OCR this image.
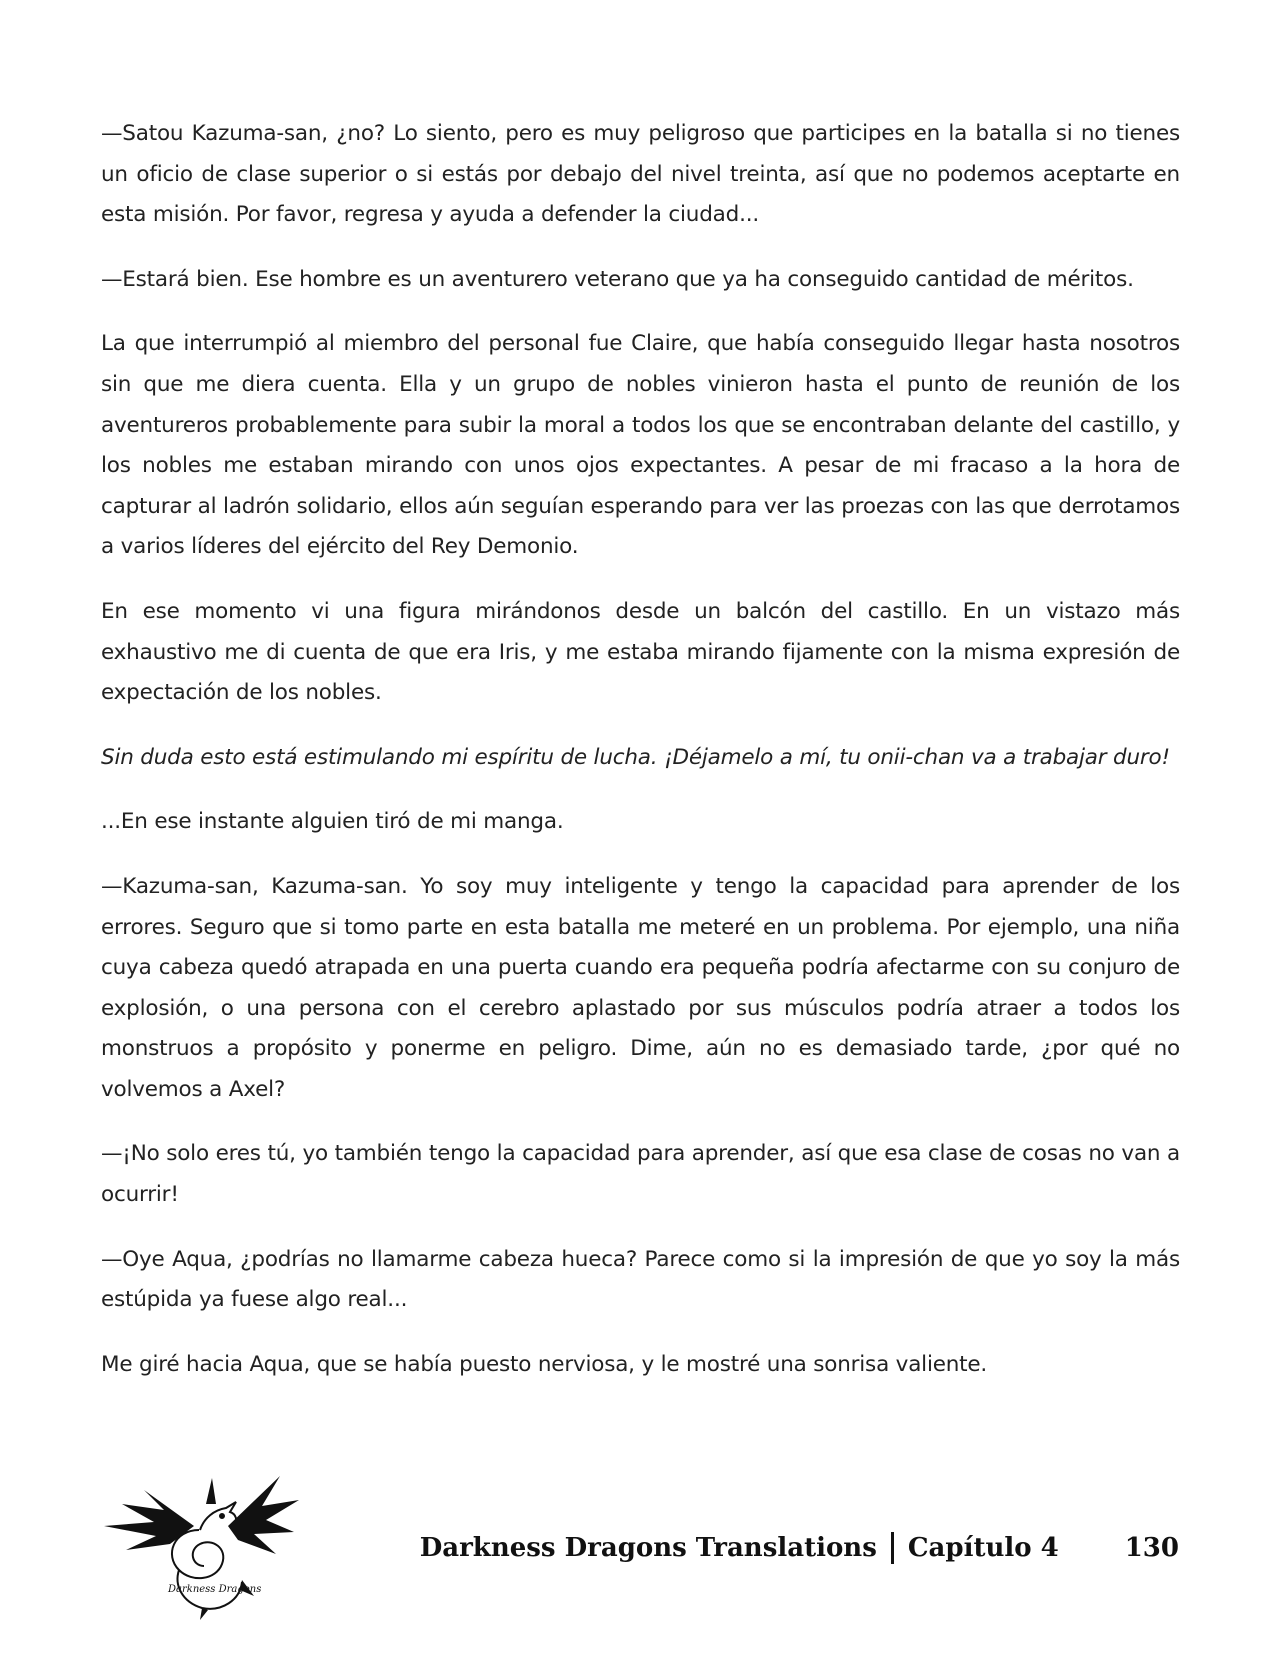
—Satou Kazuma-san, ¿no? Lo siento, pero es muy peligroso que participes en la batalla si no tienes un oficio de clase superior o si estás por debajo del nivel treinta, así que no podemos aceptarte en esta misión. Por favor, regresa y ayuda a defender la ciudad...

—Estará bien. Ese hombre es un aventurero veterano que ya ha conseguido cantidad de méritos.

La que interrumpió al miembro del personal fue Claire, que había conseguido llegar hasta nosotros sin que me diera cuenta. Ella y un grupo de nobles vinieron hasta el punto de reunión de los aventureros probablemente para subir la moral a todos los que se encontraban delante del castillo, y los nobles me estaban mirando con unos ojos expectantes. A pesar de mi fracaso a la hora de capturar al ladrón solidario, ellos aún seguían esperando para ver las proezas con las que derrotamos a varios líderes del ejército del Rey Demonio.

En ese momento vi una figura mirándonos desde un balcón del castillo. En un vistazo más exhaustivo me di cuenta de que era Iris, y me estaba mirando fijamente con la misma expresión de expectación de los nobles.

Sin duda esto está estimulando mi espíritu de lucha. ¡Déjamelo a mí, tu onii-chan va a trabajar duro!

...En ese instante alguien tiró de mi manga.

—Kazuma-san, Kazuma-san. Yo soy muy inteligente y tengo la capacidad para aprender de los errores. Seguro que si tomo parte en esta batalla me meteré en un problema. Por ejemplo, una niña cuya cabeza quedó atrapada en una puerta cuando era pequeña podría afectarme con su conjuro de explosión, o una persona con el cerebro aplastado por sus músculos podría atraer a todos los monstruos a propósito y ponerme en peligro. Dime, aún no es demasiado tarde, ¿por qué no volvemos a Axel?

—¡No solo eres tú, yo también tengo la capacidad para aprender, así que esa clase de cosas no van a ocurrir!

—Oye Aqua, ¿podrías no llamarme cabeza hueca? Parece como si la impresión de que yo soy la más estúpida ya fuese algo real...

Me giré hacia Aqua, que se había puesto nerviosa, y le mostré una sonrisa valiente.

Darkness Dragons
Darkness Dragons Translations Capítulo 4	130
